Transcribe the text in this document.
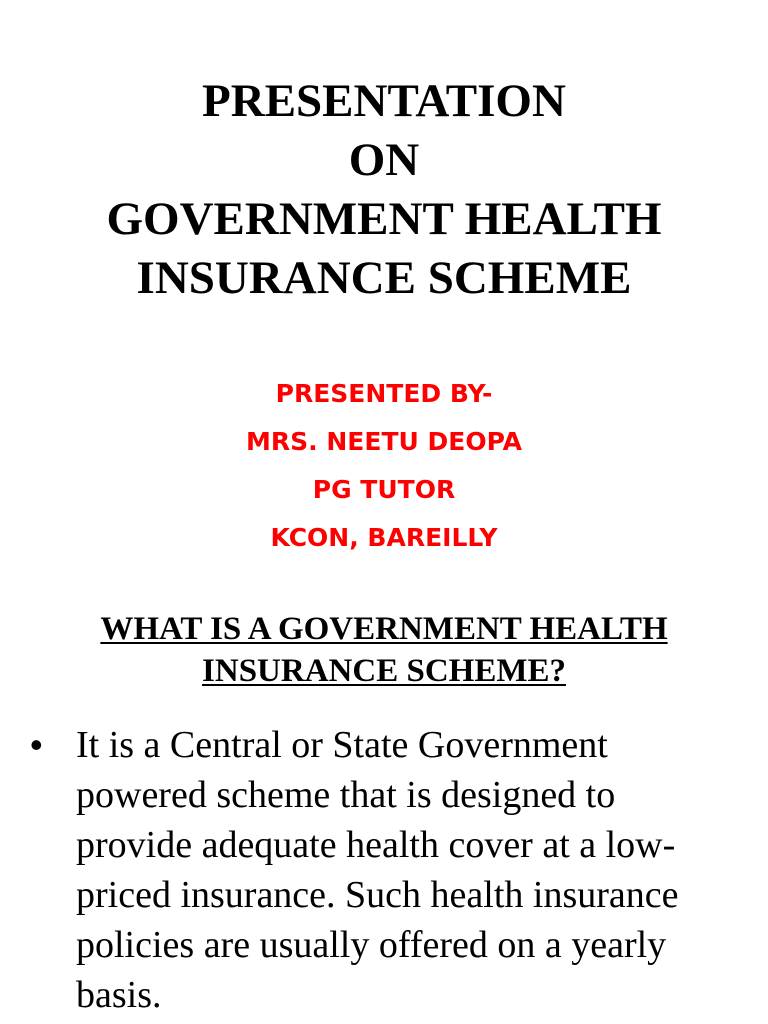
PRESENTATION
ON
GOVERNMENT HEALTH
INSURANCE SCHEME
PRESENTED BY-
MRS. NEETU DEOPA
PG TUTOR
KCON, BAREILLY
WHAT IS A GOVERNMENT HEALTH
INSURANCE SCHEME?
• It is a Central or State Government powered scheme that is designed to provide adequate health cover at a low-priced insurance. Such health insurance policies are usually offered on a yearly basis.
